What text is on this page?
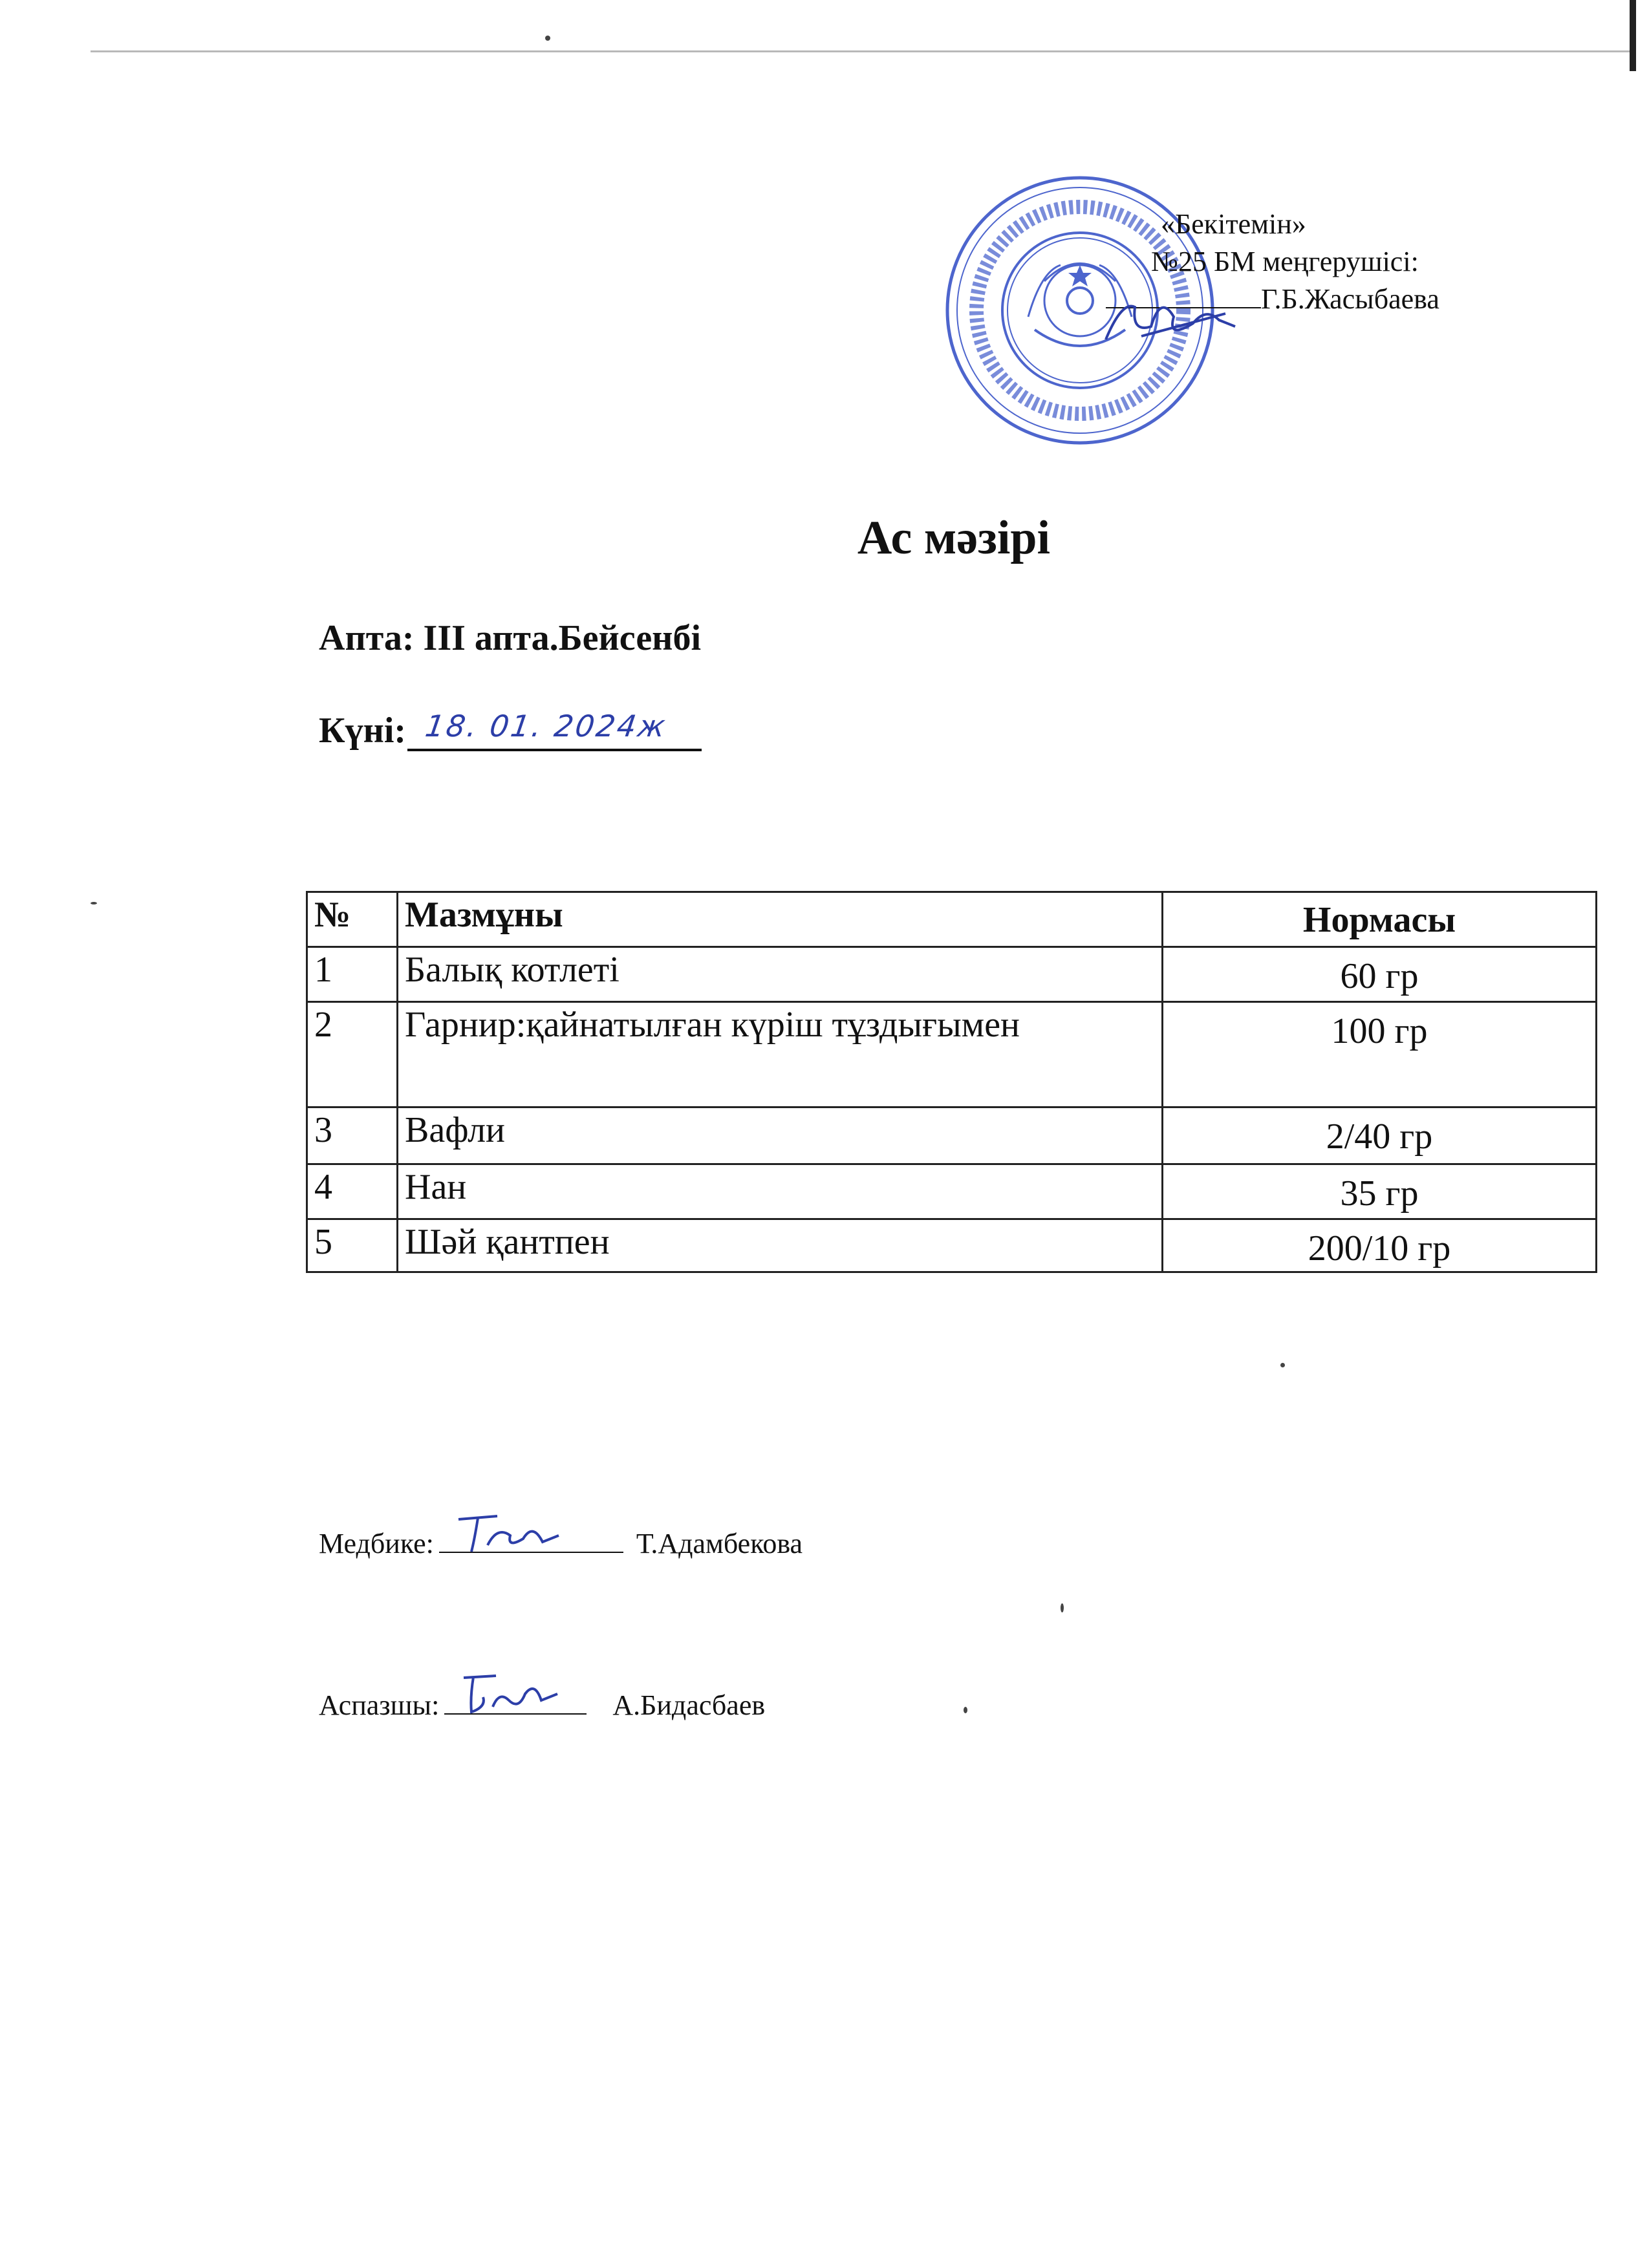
«Бекітемін»
№25 БМ меңгерушісі:
Г.Б.Жасыбаева
Ас мәзірі
Апта: III апта.Бейсенбі
Күні: 18. 01. 2024ж
№	Мазмұны	Нормасы
1	Балық котлеті	60 гр
2	Гарнир:қайнатылған күріш тұздығымен	100 гр
3	Вафли	2/40 гр
4	Нан	35 гр
5	Шәй қантпен	200/10 гр
Медбике:	Т.Адамбекова
Аспазшы:	А.Бидасбаев
